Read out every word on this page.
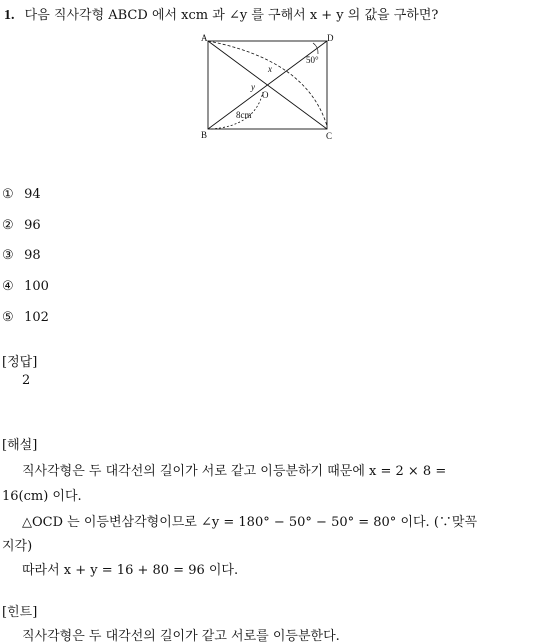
1. 다음 직사각형 ABCD 에서 xcm 과 ∠y 를 구해서 x + y 의 값을 구하면?
A	D
B	C
O
x
y
50°
8cm
① 94
② 96
③ 98
④ 100
⑤ 102
[정답]
2
[해설]
직사각형은 두 대각선의 길이가 서로 같고 이등분하기 때문에 x = 2 × 8 =
16(cm) 이다.
△OCD 는 이등변삼각형이므로 ∠y = 180° − 50° − 50° = 80° 이다. (∵맞꼭
지각)
따라서 x + y = 16 + 80 = 96 이다.
[힌트]
직사각형은 두 대각선의 길이가 같고 서로를 이등분한다.
